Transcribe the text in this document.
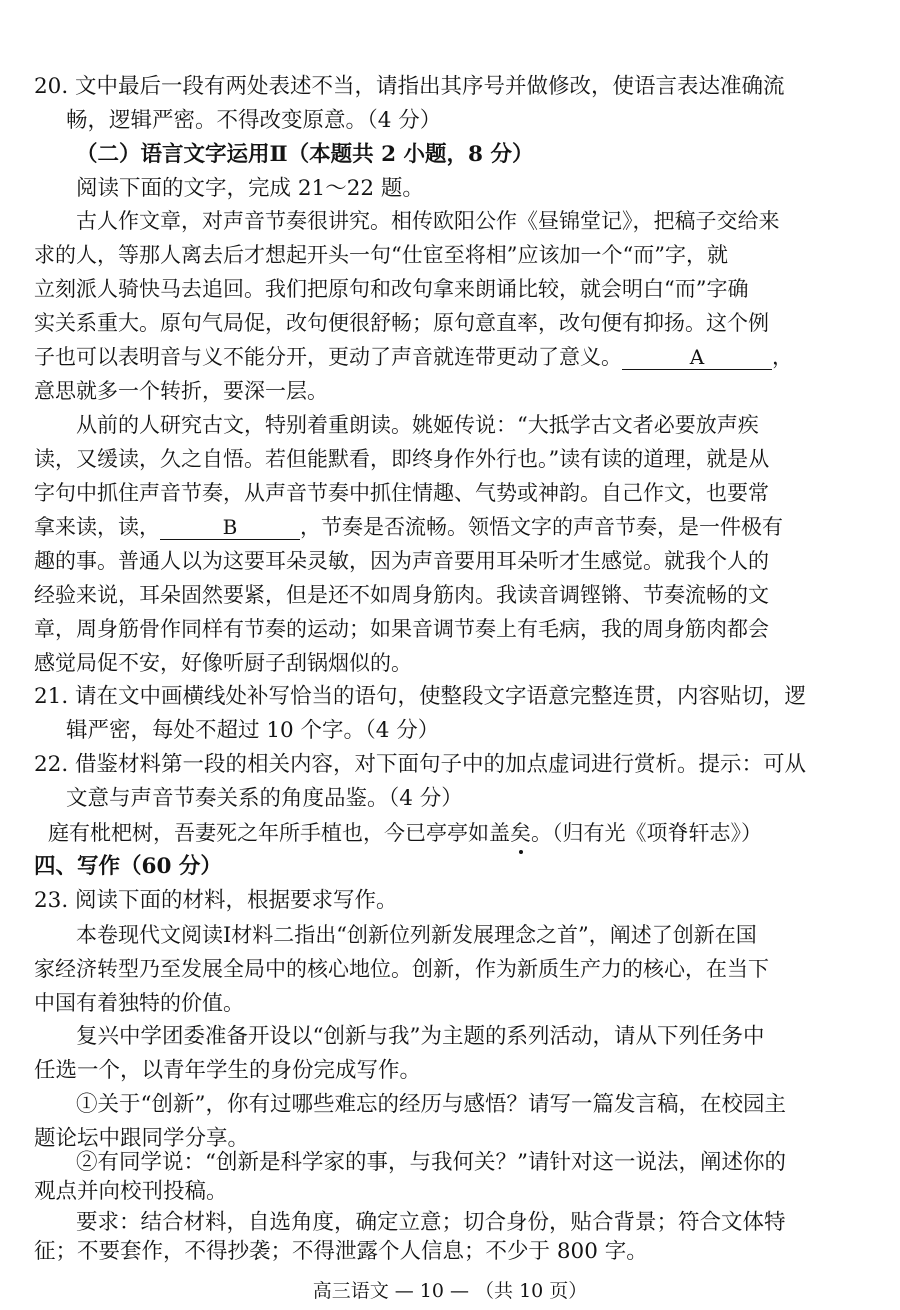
20. 文中最后一段有两处表述不当，请指出其序号并做修改，使语言表达准确流
畅，逻辑严密。不得改变原意。（4 分）
（二）语言文字运用Ⅱ（本题共 2 小题，8 分）
阅读下面的文字，完成 21～22 题。
古人作文章，对声音节奏很讲究。相传欧阳公作《昼锦堂记》，把稿子交给来
求的人，等那人离去后才想起开头一句“仕宦至将相”应该加一个“而”字，就
立刻派人骑快马去追回。我们把原句和改句拿来朗诵比较，就会明白“而”字确
实关系重大。原句气局促，改句便很舒畅；原句意直率，改句便有抑扬。这个例
子也可以表明音与义不能分开，更动了声音就连带更动了意义。	A	，
意思就多一个转折，要深一层。
从前的人研究古文，特别着重朗读。姚姬传说：“大抵学古文者必要放声疾
读，又缓读，久之自悟。若但能默看，即终身作外行也。”读有读的道理，就是从
字句中抓住声音节奏，从声音节奏中抓住情趣、气势或神韵。自己作文，也要常
拿来读，读，	B	，节奏是否流畅。领悟文字的声音节奏，是一件极有
趣的事。普通人以为这要耳朵灵敏，因为声音要用耳朵听才生感觉。就我个人的
经验来说，耳朵固然要紧，但是还不如周身筋肉。我读音调铿锵、节奏流畅的文
章，周身筋骨作同样有节奏的运动；如果音调节奏上有毛病，我的周身筋肉都会
感觉局促不安，好像听厨子刮锅烟似的。
21. 请在文中画横线处补写恰当的语句，使整段文字语意完整连贯，内容贴切，逻
辑严密，每处不超过 10 个字。（4 分）
22. 借鉴材料第一段的相关内容，对下面句子中的加点虚词进行赏析。提示：可从
文意与声音节奏关系的角度品鉴。（4 分）
庭有枇杷树，吾妻死之年所手植也，今已亭亭如盖矣。（归有光《项脊轩志》）
四、写作（60 分）
23. 阅读下面的材料，根据要求写作。
本卷现代文阅读Ⅰ材料二指出“创新位列新发展理念之首”，阐述了创新在国
家经济转型乃至发展全局中的核心地位。创新，作为新质生产力的核心，在当下
中国有着独特的价值。
复兴中学团委准备开设以“创新与我”为主题的系列活动，请从下列任务中
任选一个，以青年学生的身份完成写作。
①关于“创新”，你有过哪些难忘的经历与感悟？请写一篇发言稿，在校园主
题论坛中跟同学分享。
②有同学说：“创新是科学家的事，与我何关？”请针对这一说法，阐述你的
观点并向校刊投稿。
高三语文 — 10 — （共 10 页）
要求：结合材料，自选角度，确定立意；切合身份，贴合背景；符合文体特
征；不要套作，不得抄袭；不得泄露个人信息；不少于 800 字。
